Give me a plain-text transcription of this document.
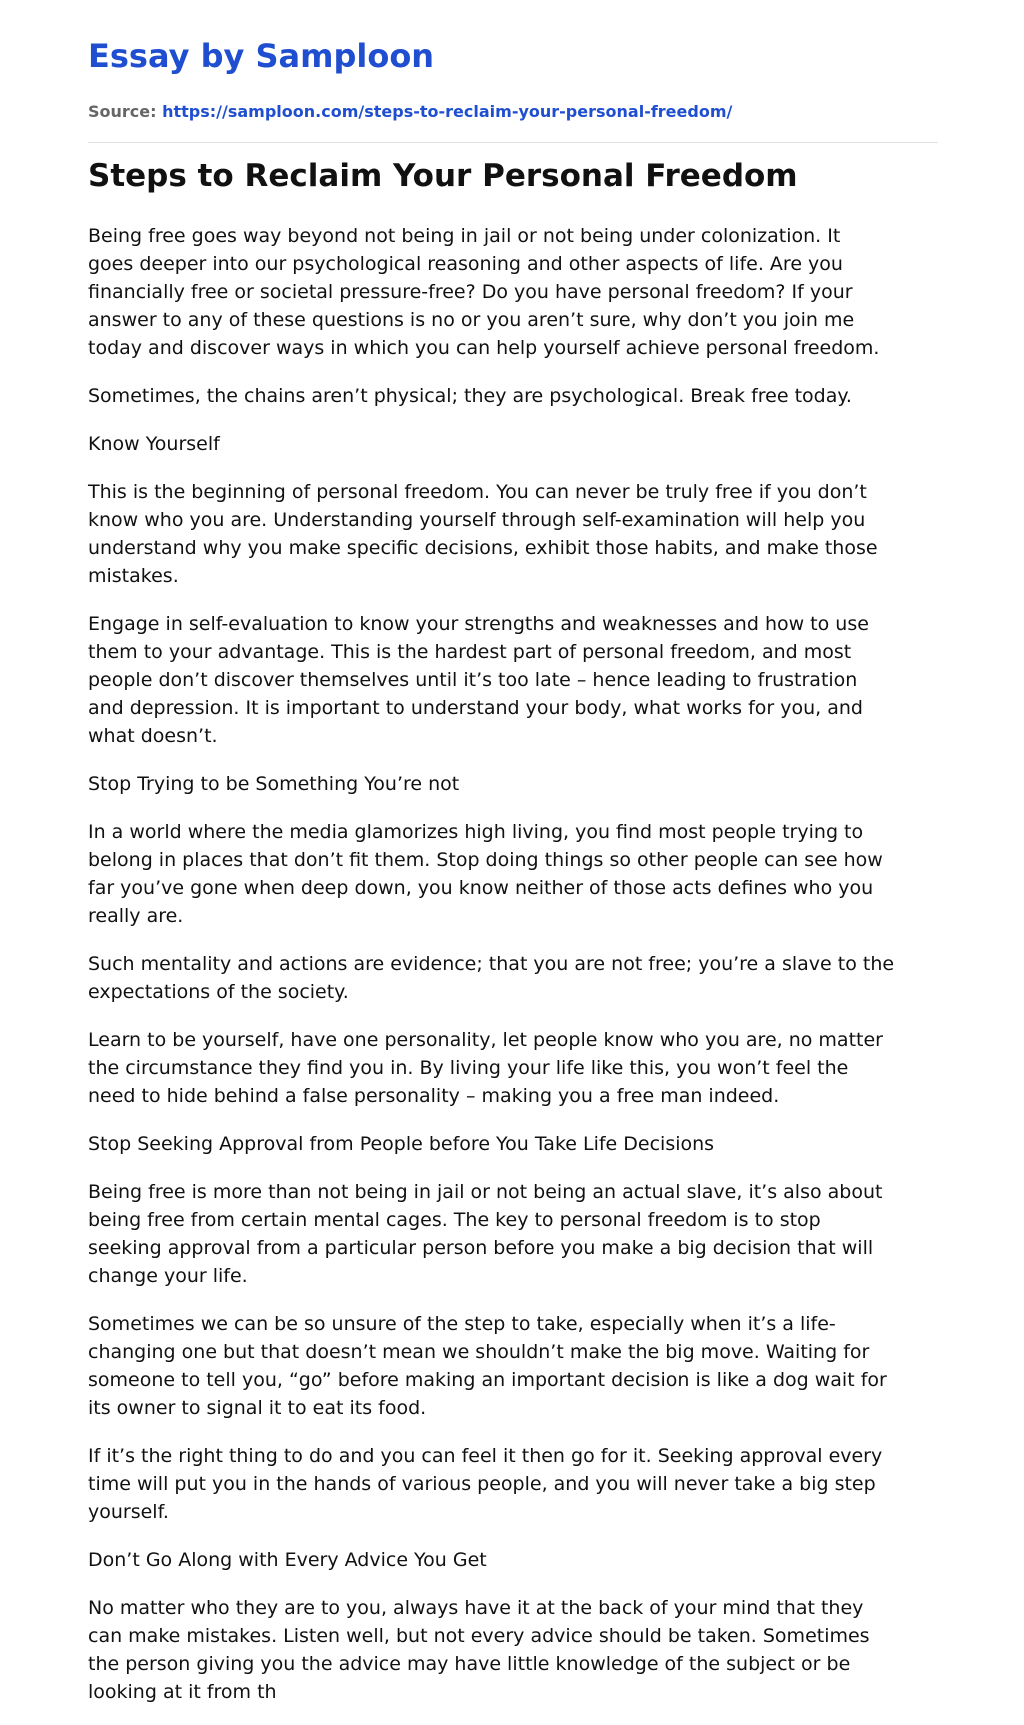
Essay by Samploon
Source: https://samploon.com/steps-to-reclaim-your-personal-freedom/
Steps to Reclaim Your Personal Freedom

Being free goes way beyond not being in jail or not being under colonization. It
goes deeper into our psychological reasoning and other aspects of life. Are you
financially free or societal pressure-free? Do you have personal freedom? If your
answer to any of these questions is no or you aren’t sure, why don’t you join me
today and discover ways in which you can help yourself achieve personal freedom.

Sometimes, the chains aren’t physical; they are psychological. Break free today.

Know Yourself

This is the beginning of personal freedom. You can never be truly free if you don’t
know who you are. Understanding yourself through self-examination will help you
understand why you make specific decisions, exhibit those habits, and make those
mistakes.

Engage in self-evaluation to know your strengths and weaknesses and how to use
them to your advantage. This is the hardest part of personal freedom, and most
people don’t discover themselves until it’s too late – hence leading to frustration
and depression. It is important to understand your body, what works for you, and
what doesn’t.

Stop Trying to be Something You’re not

In a world where the media glamorizes high living, you find most people trying to
belong in places that don’t fit them. Stop doing things so other people can see how
far you’ve gone when deep down, you know neither of those acts defines who you
really are.

Such mentality and actions are evidence; that you are not free; you’re a slave to the
expectations of the society.

Learn to be yourself, have one personality, let people know who you are, no matter
the circumstance they find you in. By living your life like this, you won’t feel the
need to hide behind a false personality – making you a free man indeed.

Stop Seeking Approval from People before You Take Life Decisions

Being free is more than not being in jail or not being an actual slave, it’s also about
being free from certain mental cages. The key to personal freedom is to stop
seeking approval from a particular person before you make a big decision that will
change your life.

Sometimes we can be so unsure of the step to take, especially when it’s a life-
changing one but that doesn’t mean we shouldn’t make the big move. Waiting for
someone to tell you, “go” before making an important decision is like a dog wait for
its owner to signal it to eat its food.

If it’s the right thing to do and you can feel it then go for it. Seeking approval every
time will put you in the hands of various people, and you will never take a big step
yourself.

Don’t Go Along with Every Advice You Get

No matter who they are to you, always have it at the back of your mind that they
can make mistakes. Listen well, but not every advice should be taken. Sometimes
the person giving you the advice may have little knowledge of the subject or be
looking at it from th
